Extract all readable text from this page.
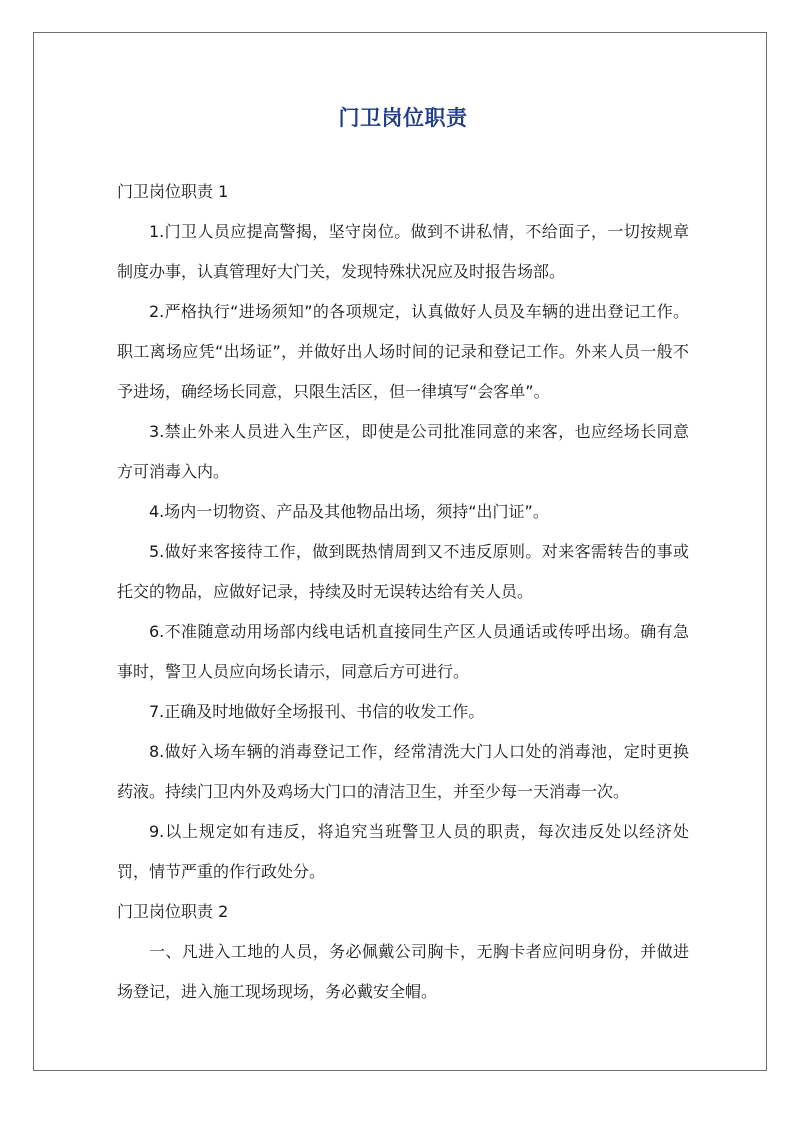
门卫岗位职责
门卫岗位职责 1

1.门卫人员应提高警揭，坚守岗位。做到不讲私情，不给面子，一切按规章制度办事，认真管理好大门关，发现特殊状况应及时报告场部。

2.严格执行“进场须知”的各项规定，认真做好人员及车辆的进出登记工作。职工离场应凭“出场证”，并做好出人场时间的记录和登记工作。外来人员一般不予进场，确经场长同意，只限生活区，但一律填写“会客单”。

3.禁止外来人员进入生产区，即使是公司批准同意的来客，也应经场长同意方可消毒入内。

4.场内一切物资、产品及其他物品出场，须持“出门证”。

5.做好来客接待工作，做到既热情周到又不违反原则。对来客需转告的事或托交的物品，应做好记录，持续及时无误转达给有关人员。

6.不准随意动用场部内线电话机直接同生产区人员通话或传呼出场。确有急事时，警卫人员应向场长请示，同意后方可进行。

7.正确及时地做好全场报刊、书信的收发工作。

8.做好入场车辆的消毒登记工作，经常清洗大门人口处的消毒池，定时更换药液。持续门卫内外及鸡场大门口的清洁卫生，并至少每一天消毒一次。

9.以上规定如有违反，将追究当班警卫人员的职责，每次违反处以经济处罚，情节严重的作行政处分。

门卫岗位职责 2

一、凡进入工地的人员，务必佩戴公司胸卡，无胸卡者应问明身份，并做进场登记，进入施工现场现场，务必戴安全帽。
